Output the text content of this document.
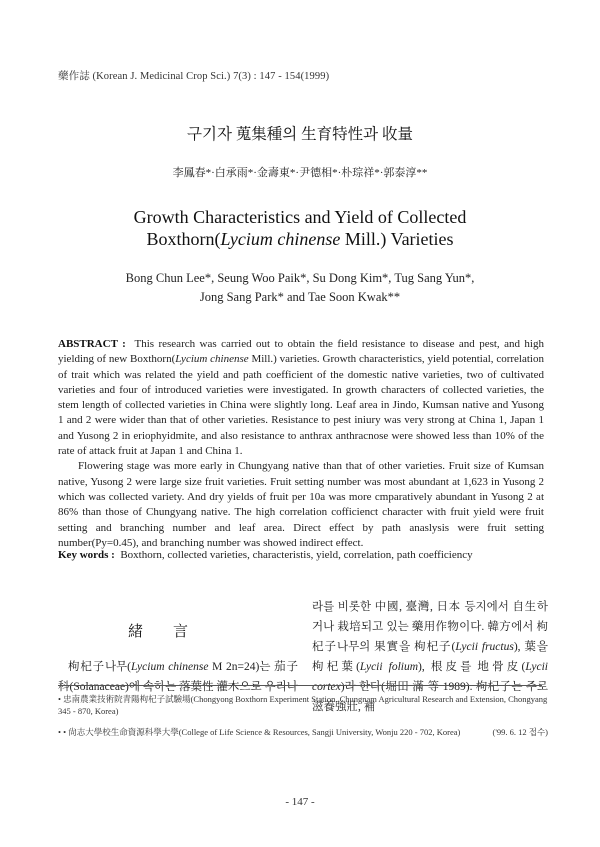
藥作誌 (Korean J. Medicinal Crop Sci.) 7(3) : 147 - 154(1999)
구기자 蒐集種의 生育特性과 收量
李鳳春*·白承雨*·金壽東*·尹德相*·朴琮祥*·郭泰淳**
Growth Characteristics and Yield of Collected
Boxthorn(Lycium chinense Mill.) Varieties
Bong Chun Lee*, Seung Woo Paik*, Su Dong Kim*, Tug Sang Yun*,
Jong Sang Park* and Tae Soon Kwak**

ABSTRACT : This research was carried out to obtain the field resistance to disease and pest, and high yielding of new Boxthorn(Lycium chinense Mill.) varieties. Growth characteristics, yield potential, correlation of trait which was related the yield and path coefficient of the domestic native varieties, two of cultivated varieties and four of introduced varieties were investigated. In growth characters of collected varieties, the stem length of collected varieties in China were slightly long. Leaf area in Jindo, Kumsan native and Yusong 1 and 2 were wider than that of other varieties. Resistance to pest iniury was very strong at China 1, Japan 1 and Yusong 2 in eriophyidmite, and also resistance to anthrax anthracnose were showed less than 10% of the rate of attack fruit at Japan 1 and China 1.

Flowering stage was more early in Chungyang native than that of other varieties. Fruit size of Kumsan native, Yusong 2 were large size fruit varieties. Fruit setting number was most abundant at 1,623 in Yusong 2 which was collected variety. And dry yields of fruit per 10a was more cmparatively abundant in Yusong 2 at 86% than those of Chungyang native. The high correlation cofficienct character with fruit yield were fruit setting and branching number and leaf area. Direct effect by path anaslysis were fruit setting number(Py=0.45), and branching number was showed indirect effect.

Key words : Boxthorn, collected varieties, characteristis, yield, correlation, path coefficiency
緒言
枸杞子나무(Lycium chinense M 2n=24)는 茄子科(Solanaceae)에 속하는 落葉性 灌木으로 우리나
라를 비롯한 中國, 臺灣, 日本 등지에서 自生하거나 栽培되고 있는 藥用作物이다. 韓方에서 枸杞子나무의 果實을 枸杞子(Lycii fructus), 葉을 枸杞葉(Lycii folium), 根皮를 地骨皮(Lycii cortex)라 한다(堀田 滿 等 1989). 枸杞子는 주로 滋養強壯, 補
• 忠南農業技術院青陽枸杞子試驗場(Chongyong Boxthorn Experiment Station, Chungnam Agricultural Research and Extension, Chongyang 345 - 870, Korea)
• • 尙志大學校生命資源科學大學(College of Life Science & Resources, Sangji University, Wonju 220 - 702, Korea)	('99. 6. 12 접수)
- 147 -
